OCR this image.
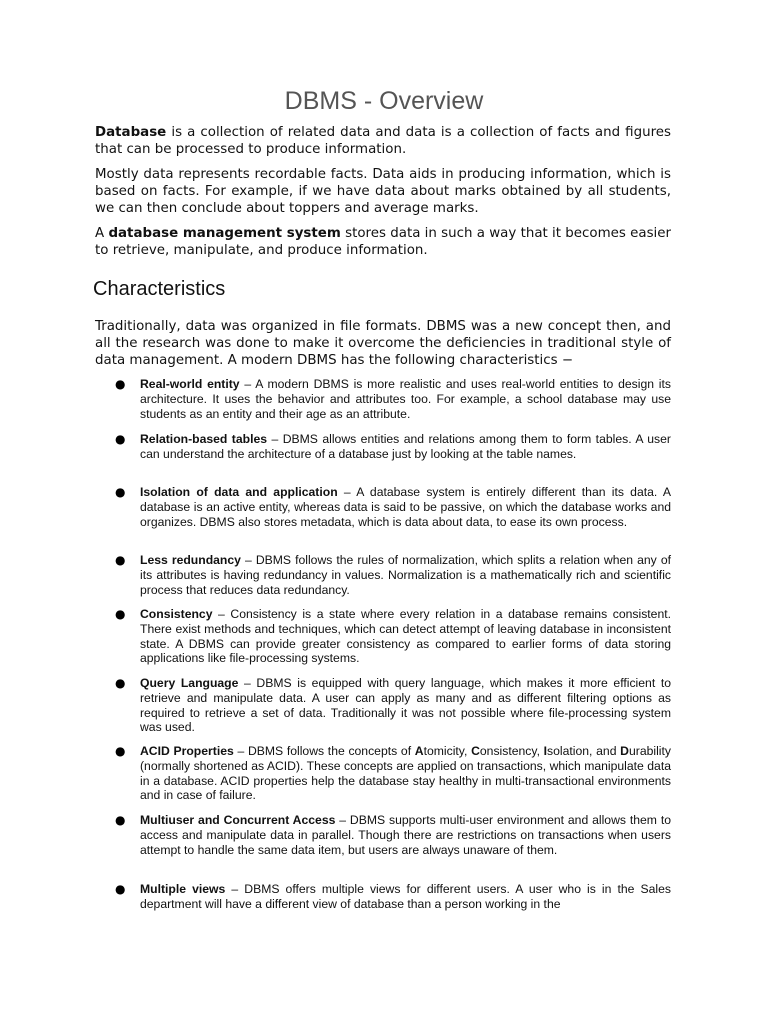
DBMS - Overview

Database is a collection of related data and data is a collection of facts and figures that can be processed to produce information.

Mostly data represents recordable facts. Data aids in producing information, which is based on facts. For example, if we have data about marks obtained by all students, we can then conclude about toppers and average marks.

A database management system stores data in such a way that it becomes easier to retrieve, manipulate, and produce information.

Characteristics

Traditionally, data was organized in file formats. DBMS was a new concept then, and all the research was done to make it overcome the deficiencies in traditional style of data management. A modern DBMS has the following characteristics −

● Real-world entity – A modern DBMS is more realistic and uses real-world entities to design its architecture. It uses the behavior and attributes too. For example, a school database may use students as an entity and their age as an attribute.

● Relation-based tables – DBMS allows entities and relations among them to form tables. A user can understand the architecture of a database just by looking at the table names.

● Isolation of data and application – A database system is entirely different than its data. A database is an active entity, whereas data is said to be passive, on which the database works and organizes. DBMS also stores metadata, which is data about data, to ease its own process.

● Less redundancy – DBMS follows the rules of normalization, which splits a relation when any of its attributes is having redundancy in values. Normalization is a mathematically rich and scientific process that reduces data redundancy.

● Consistency – Consistency is a state where every relation in a database remains consistent. There exist methods and techniques, which can detect attempt of leaving database in inconsistent state. A DBMS can provide greater consistency as compared to earlier forms of data storing applications like file-processing systems.

● Query Language – DBMS is equipped with query language, which makes it more efficient to retrieve and manipulate data. A user can apply as many and as different filtering options as required to retrieve a set of data. Traditionally it was not possible where file-processing system was used.

● ACID Properties – DBMS follows the concepts of Atomicity, Consistency, Isolation, and Durability (normally shortened as ACID). These concepts are applied on transactions, which manipulate data in a database. ACID properties help the database stay healthy in multi-transactional environments and in case of failure.

● Multiuser and Concurrent Access – DBMS supports multi-user environment and allows them to access and manipulate data in parallel. Though there are restrictions on transactions when users attempt to handle the same data item, but users are always unaware of them.

● Multiple views – DBMS offers multiple views for different users. A user who is in the Sales department will have a different view of database than a person working in the
